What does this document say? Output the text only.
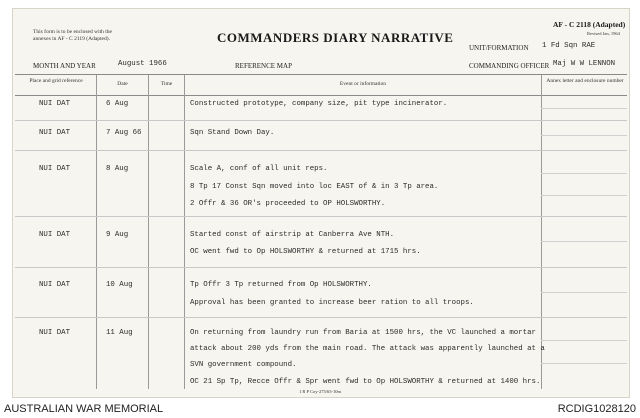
This form is to be enclosed with the
annexes in AF - C 2119 (Adapted).	COMMANDERS DIARY NARRATIVE
AF - C 2118 (Adapted)
Revised Jan, 1964
UNIT/FORMATION 1 Fd Sqn RAE
MONTH AND YEAR	August 1966	REFERENCE MAP	COMMANDING OFFICER Maj W W LENNON
Place and grid reference	Date	Time	Event or information	Annex letter and enclosure number
NUI DAT	6 Aug	Constructed prototype, company size, pit type incinerator.
NUI DAT	7 Aug 66	Sqn Stand Down Day.
NUI DAT	8 Aug	Scale A, conf of all unit reps.
8 Tp 17 Const Sqn moved into loc EAST of & in 3 Tp area.
2 Offr & 36 OR's proceeded to OP HOLSWORTHY.
NUI DAT	9 Aug	Started const of airstrip at Canberra Ave NTH.
OC went fwd to Op HOLSWORTHY & returned at 1715 hrs.
NUI DAT	10 Aug	Tp Offr 3 Tp returned from Op HOLSWORTHY.
Approval has been granted to increase beer ration to all troops.
NUI DAT	11 Aug	On returning from laundry run from Baria at 1500 hrs, the VC launched a mortar
attack about 200 yds from the main road. The attack was apparently launched at a
SVN government compound.
OC 21 Sp Tp, Recce Offr & Spr went fwd to Op HOLSWORTHY & returned at 1400 hrs.
1 R P Coy-275/65-10m
AUSTRALIAN WAR MEMORIAL	RCDIG1028120
